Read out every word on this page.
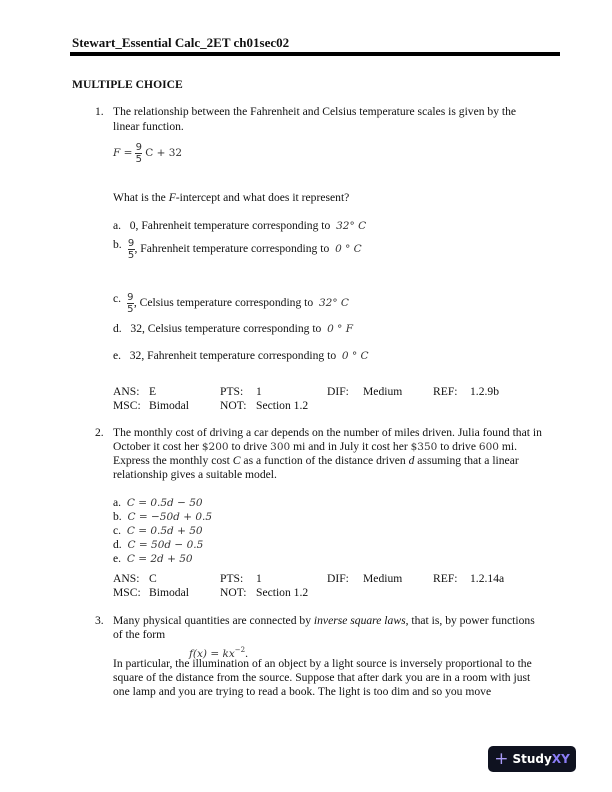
Stewart_Essential Calc_2ET ch01sec02
MULTIPLE CHOICE
1. The relationship between the Fahrenheit and Celsius temperature scales is given by the
linear function.
$F = \frac{9}{5}$ C + 32
What is the F-intercept and what does it represent?
a. 0, Fahrenheit temperature corresponding to 32° C
b. $\frac{9}{5}$ , Fahrenheit temperature corresponding to 0 ° C
c. $\frac{9}{5}$ , Celsius temperature corresponding to 32° C
d. 32, Celsius temperature corresponding to 0 ° F
e. 32, Fahrenheit temperature corresponding to 0 ° C
ANS: E	PTS: 1	DIF: Medium	REF: 1.2.9b
MSC: Bimodal	NOT: Section 1.2
2. The monthly cost of driving a car depends on the number of miles driven. Julia found that in
October it cost her $200 to drive 300 mi and in July it cost her $350 to drive 600 mi.
Express the monthly cost C as a function of the distance driven d assuming that a linear
relationship gives a suitable model.
a. C = 0.5d − 50
b. C = −50d + 0.5
c. C = 0.5d + 50
d. C = 50d − 0.5
e. C = 2d + 50
ANS: C	PTS: 1	DIF: Medium	REF: 1.2.14a
MSC: Bimodal	NOT: Section 1.2
3. Many physical quantities are connected by inverse square laws, that is, by power functions
of the form
$f(x) = kx^{-2}$.
In particular, the illumination of an object by a light source is inversely proportional to the
square of the distance from the source. Suppose that after dark you are in a room with just
one lamp and you are trying to read a book. The light is too dim and so you move
+ StudyXY
